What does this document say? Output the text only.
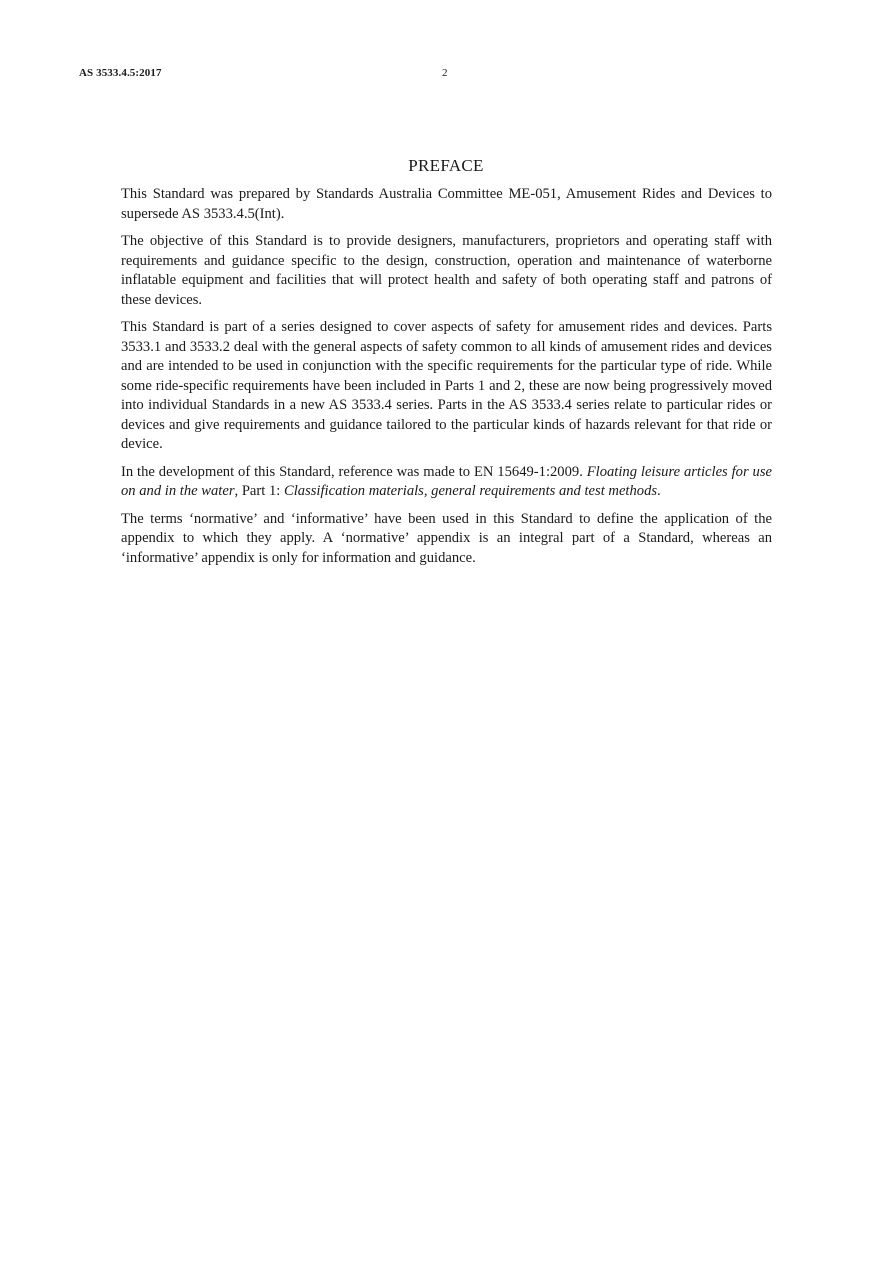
AS 3533.4.5:2017	2
PREFACE

This Standard was prepared by Standards Australia Committee ME-051, Amusement Rides and Devices to supersede AS 3533.4.5(Int).

The objective of this Standard is to provide designers, manufacturers, proprietors and operating staff with requirements and guidance specific to the design, construction, operation and maintenance of waterborne inflatable equipment and facilities that will protect health and safety of both operating staff and patrons of these devices.

This Standard is part of a series designed to cover aspects of safety for amusement rides and devices. Parts 3533.1 and 3533.2 deal with the general aspects of safety common to all kinds of amusement rides and devices and are intended to be used in conjunction with the specific requirements for the particular type of ride. While some ride-specific requirements have been included in Parts 1 and 2, these are now being progressively moved into individual Standards in a new AS 3533.4 series. Parts in the AS 3533.4 series relate to particular rides or devices and give requirements and guidance tailored to the particular kinds of hazards relevant for that ride or device.

In the development of this Standard, reference was made to EN 15649-1:2009. Floating leisure articles for use on and in the water, Part 1: Classification materials, general requirements and test methods.

The terms ‘normative’ and ‘informative’ have been used in this Standard to define the application of the appendix to which they apply. A ‘normative’ appendix is an integral part of a Standard, whereas an ‘informative’ appendix is only for information and guidance.
